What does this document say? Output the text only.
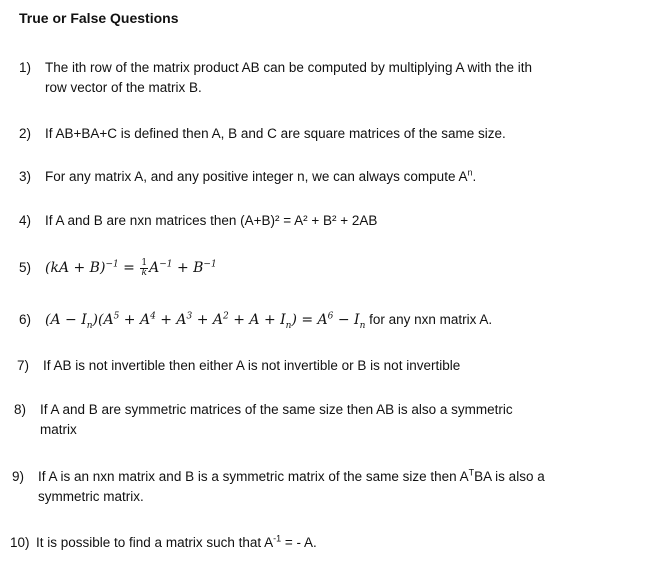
True or False Questions
1) The ith row of the matrix product AB can be computed by multiplying A with the ith
row vector of the matrix B.
2) If AB+BA+C is defined then A, B and C are square matrices of the same size.
3) For any matrix A, and any positive integer n, we can always compute $A^n$.
4) If A and B are nxn matrices then (A+B)² = A² + B² + 2AB
5) $(kA + B)^{-1} = \frac{1}{k} A^{-1} + B^{-1}$
6) $(A - I_n)(A^5 + A^4 + A^3 + A^2 + A + I_n) = A^6 - I_n$ for any nxn matrix A.
7) If AB is not invertible then either A is not invertible or B is not invertible
8) If A and B are symmetric matrices of the same size then AB is also a symmetric
matrix
9) If A is an nxn matrix and B is a symmetric matrix of the same size then $A^TBA$ is also a
symmetric matrix.
10) It is possible to find a matrix such that $A^{-1}$ = - A.
